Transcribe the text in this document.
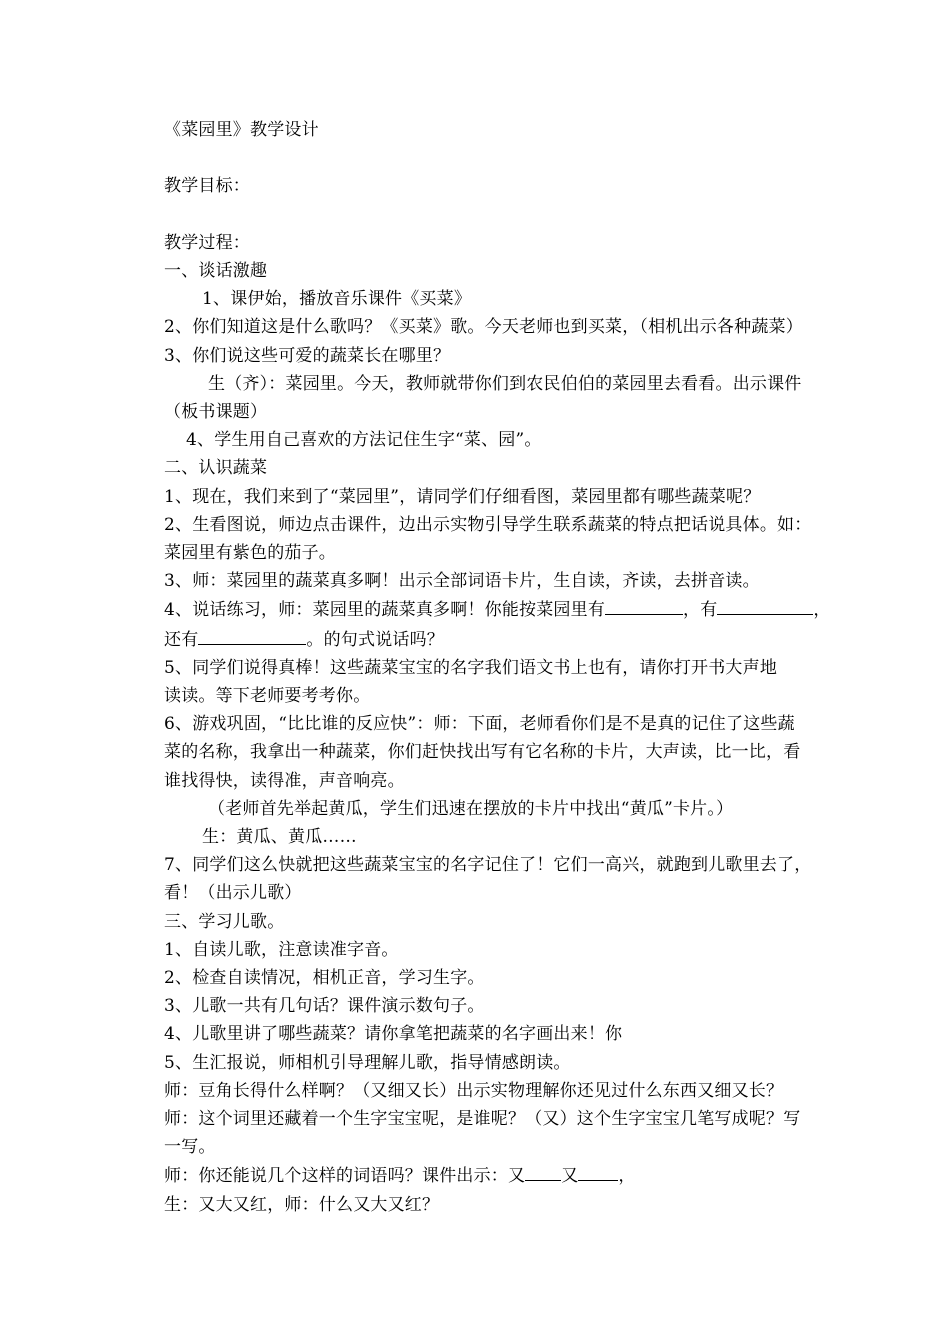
《菜园里》教学设计
教学目标：
教学过程：
一、谈话激趣
1、课伊始，播放音乐课件《买菜》
2、你们知道这是什么歌吗？《买菜》歌。今天老师也到买菜，（相机出示各种蔬菜）
3、你们说这些可爱的蔬菜长在哪里？
生（齐）：菜园里。今天，教师就带你们到农民伯伯的菜园里去看看。出示课件
（板书课题）
4、学生用自己喜欢的方法记住生字“菜、园”。
二、认识蔬菜
1、现在，我们来到了“菜园里”，请同学们仔细看图，菜园里都有哪些蔬菜呢？
2、生看图说，师边点击课件，边出示实物引导学生联系蔬菜的特点把话说具体。如：
菜园里有紫色的茄子。
3、师：菜园里的蔬菜真多啊！出示全部词语卡片，生自读，齐读，去拼音读。
4、说话练习，师：菜园里的蔬菜真多啊！你能按菜园里有	，有	，
还有	。的句式说话吗？
5、同学们说得真棒！这些蔬菜宝宝的名字我们语文书上也有，请你打开书大声地
读读。等下老师要考考你。
6、游戏巩固，“比比谁的反应快”：师：下面，老师看你们是不是真的记住了这些蔬
菜的名称，我拿出一种蔬菜，你们赶快找出写有它名称的卡片，大声读，比一比，看
谁找得快，读得准，声音响亮。
（老师首先举起黄瓜，学生们迅速在摆放的卡片中找出“黄瓜”卡片。）
生：黄瓜、黄瓜……
7、同学们这么快就把这些蔬菜宝宝的名字记住了！它们一高兴，就跑到儿歌里去了，
看！（出示儿歌）
三、学习儿歌。
1、自读儿歌，注意读准字音。
2、检查自读情况，相机正音，学习生字。
3、儿歌一共有几句话？课件演示数句子。
4、儿歌里讲了哪些蔬菜？请你拿笔把蔬菜的名字画出来！你
5、生汇报说，师相机引导理解儿歌，指导情感朗读。
师：豆角长得什么样啊？（又细又长）出示实物理解你还见过什么东西又细又长？
师：这个词里还藏着一个生字宝宝呢，是谁呢？（又）这个生字宝宝几笔写成呢？写
一写。
师：你还能说几个这样的词语吗？课件出示：又 又 ，
生：又大又红，师：什么又大又红？
